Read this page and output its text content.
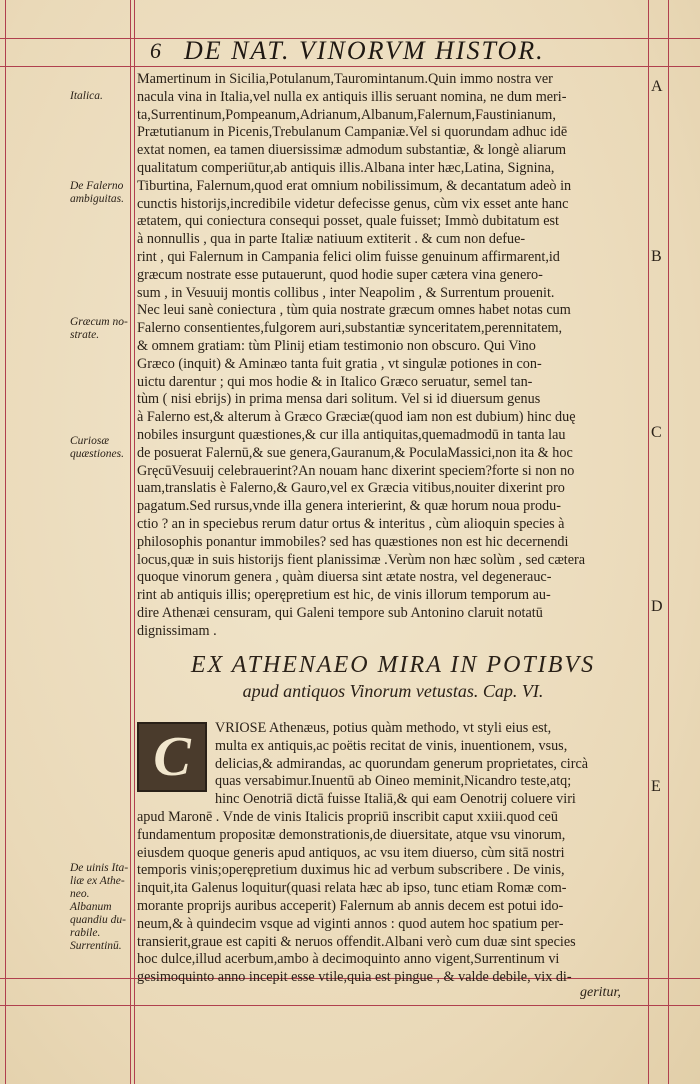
6 DE NAT. VINORVM HISTOR.
Italica.
De Falerno ambiguitas.
Græcum nostrate.
Curiosæ quæstiones.
De uinis Italiæ ex Atheneo. Albanum quandiu durabile. Surrentinū.
A
B
C
D
E
Mamertinum in Sicilia,Potulanum,Tauromintanum.Quin immo nostra ver
nacula vina in Italia,vel nulla ex antiquis illis seruant nomina, ne dum meri-
ta,Surrentinum,Pompeanum,Adrianum,Albanum,Falernum,Faustinianum,
Prætutianum in Picenis,Trebulanum Campaniæ.Vel si quorundam adhuc idē
extat nomen, ea tamen diuersissimæ admodum substantiæ, & longè aliarum
qualitatum comperiūtur,ab antiquis illis.Albana inter hæc,Latina, Signina,
Tiburtina, Falernum,quod erat omnium nobilissimum, & decantatum adeò in
cunctis historijs,incredibile videtur defecisse genus, cùm vix esset ante hanc
ætatem, qui coniectura consequi posset, quale fuisset; Immò dubitatum est
à nonnullis , qua in parte Italiæ natiuum extiterit . & cum non defue-
rint , qui Falernum in Campania felici olim fuisse genuinum affirmarent,id
græcum nostrate esse putauerunt, quod hodie super cætera vina genero-
sum , in Vesuuij montis collibus , inter Neapolim , & Surrentum prouenit.
Nec leui sanè coniectura , tùm quia nostrate græcum omnes habet notas cum
Falerno consentientes,fulgorem auri,substantiæ synceritatem,perennitatem,
& omnem gratiam: tùm Plinij etiam testimonio non obscuro. Qui Vino
Græco (inquit) & Aminæo tanta fuit gratia , vt singulæ potiones in con-
uictu darentur ; qui mos hodie & in Italico Græco seruatur, semel tan-
tùm ( nisi ebrijs) in prima mensa dari solitum. Vel si id diuersum genus
à Falerno est,& alterum à Græco Græciæ(quod iam non est dubium) hinc duę
nobiles insurgunt quæstiones,& cur illa antiquitas,quemadmodū in tanta lau
de posuerat Falernū,& sue genera,Gauranum,& PoculaMassici,non ita & hoc
GręcūVesuuij celebrauerint?An nouam hanc dixerint speciem?forte si non no
uam,translatis è Falerno,& Gauro,vel ex Græcia vitibus,nouiter dixerint pro
pagatum.Sed rursus,vnde illa genera interierint, & quæ horum noua produ-
ctio ? an in speciebus rerum datur ortus & interitus , cùm alioquin species à
philosophis ponantur immobiles? sed has quæstiones non est hic decernendi
locus,quæ in suis historijs fient planissimæ .Verùm non hæc solùm , sed cætera
quoque vinorum genera , quàm diuersa sint ætate nostra, vel degenerauc-
rint ab antiquis illis; operępretium est hic, de vinis illorum temporum au-
dire Athenæi censuram, qui Galeni tempore sub Antonino claruit notatū
dignissimam .
EX ATHENAEO MIRA IN POTIBVS
apud antiquos Vinorum vetustas. Cap. VI.
C	VRIOSE Athenæus, potius quàm methodo, vt styli eius est,
multa ex antiquis,ac poëtis recitat de vinis, inuentionem, vsus,
delicias,& admirandas, ac quorundam generum proprietates, circà
quas versabimur.Inuentū ab Oineo meminit,Nicandro teste,atq;
hinc Oenotriā dictā fuisse Italiā,& qui eam Oenotrij coluere viri
apud Maronē . Vnde de vinis Italicis propriū inscribit caput xxiii.quod ceū
fundamentum propositæ demonstrationis,de diuersitate, atque vsu vinorum,
eiusdem quoque generis apud antiquos, ac vsu item diuerso, cùm sitā nostri
temporis vinis;operępretium duximus hic ad verbum subscribere . De vinis,
inquit,ita Galenus loquitur(quasi relata hæc ab ipso, tunc etiam Romæ com-
morante proprijs auribus acceperit) Falernum ab annis decem est potui ido-
neum,& à quindecim vsque ad viginti annos : quod autem hoc spatium per-
transierit,graue est capiti & neruos offendit.Albani verò cum duæ sint species
hoc dulce,illud acerbum,ambo à decimoquinto anno vigent,Surrentinum vi
gesimoquinto anno incepit esse vtile,quia est pingue , & valde debile, vix di-
geritur,
